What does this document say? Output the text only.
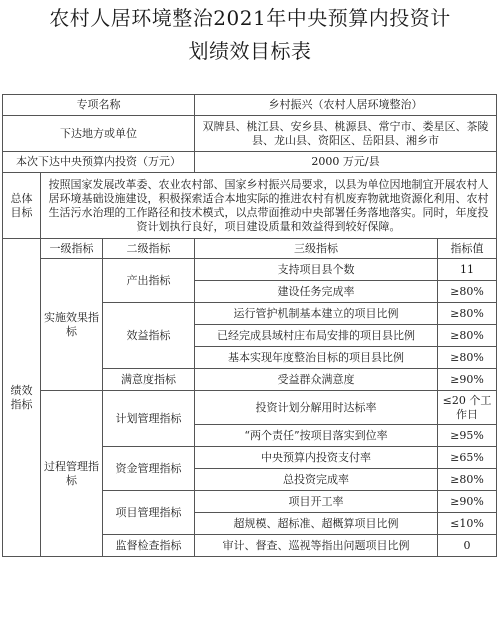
农村人居环境整治2021年中央预算内投资计
划绩效目标表
专项名称			乡村振兴（农村人居环境整治）	
下达地方或单位			双牌县、桃江县、安乡县、桃源县、常宁市、娄星区、茶陵县、龙山县、资阳区、岳阳县、湘乡市	
本次下达中央预算内投资（万元）			2000 万元/县	
总体目标	按照国家发展改革委、农业农村部、国家乡村振兴局要求，以县为单位因地制宜开展农村人居环境基础设施建设，积极探索适合本地实际的推进农村有机废弃物就地资源化利用、农村生活污水治理的工作路径和技术模式，以点带面推动中央部署任务落地落实。同时，年度投资计划执行良好，项目建设质量和效益得到较好保障。			
绩效指标	一级指标	二级指标	三级指标	指标值
	实施效果指标	产出指标	支持项目县个数	11
			建设任务完成率	≥80%
		效益指标	运行管护机制基本建立的项目比例	≥80%
			已经完成县域村庄布局安排的项目县比例	≥80%
			基本实现年度整治目标的项目县比例	≥80%
		满意度指标	受益群众满意度	≥90%
	过程管理指标	计划管理指标	投资计划分解用时达标率	≤20 个工作日
			“两个责任”按项目落实到位率	≥95%
		资金管理指标	中央预算内投资支付率	≥65%
			总投资完成率	≥80%
		项目管理指标	项目开工率	≥90%
			超规模、超标准、超概算项目比例	≤10%
		监督检查指标	审计、督查、巡视等指出问题项目比例	0
